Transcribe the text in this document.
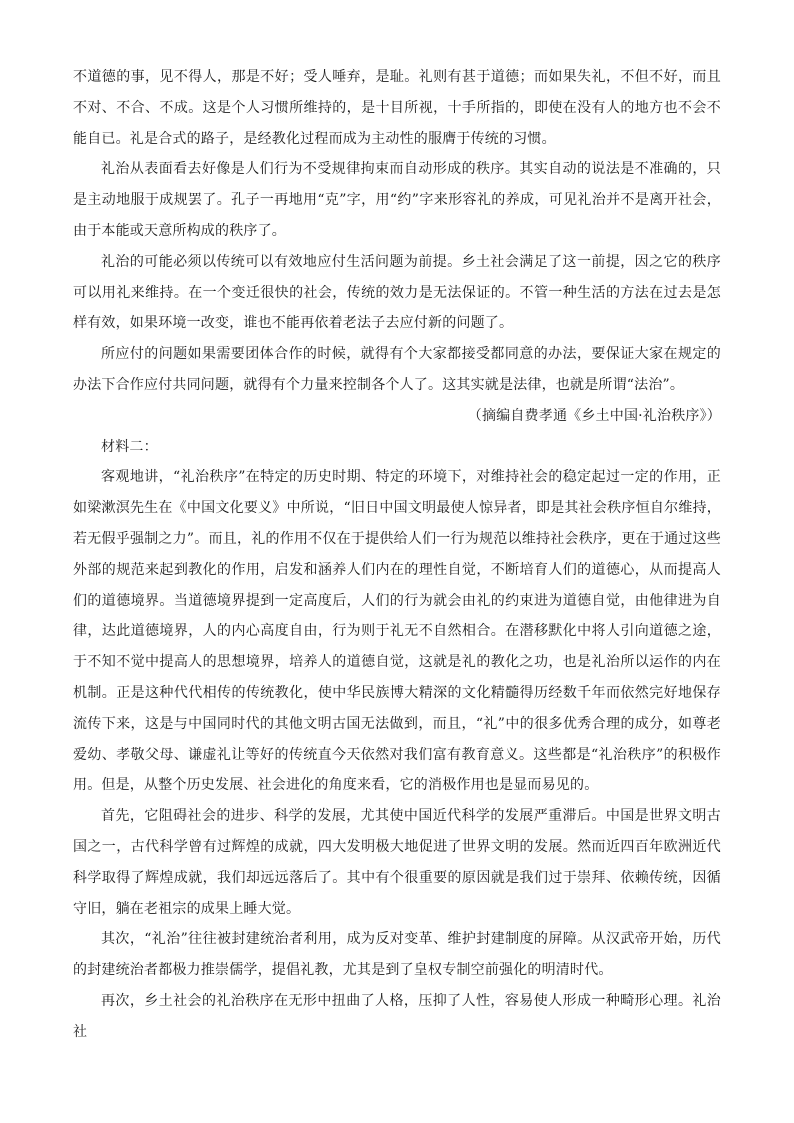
不道德的事，见不得人，那是不好；受人唾弃，是耻。礼则有甚于道德；而如果失礼，不但不好，而且不对、不合、不成。这是个人习惯所维持的，是十目所视，十手所指的，即使在没有人的地方也不会不能自已。礼是合式的路子，是经教化过程而成为主动性的服膺于传统的习惯。

礼治从表面看去好像是人们行为不受规律拘束而自动形成的秩序。其实自动的说法是不准确的，只是主动地服于成规罢了。孔子一再地用“克”字，用“约”字来形容礼的养成，可见礼治并不是离开社会，由于本能或天意所构成的秩序了。

礼治的可能必须以传统可以有效地应付生活问题为前提。乡土社会满足了这一前提，因之它的秩序可以用礼来维持。在一个变迁很快的社会，传统的效力是无法保证的。不管一种生活的方法在过去是怎样有效，如果环境一改变，谁也不能再依着老法子去应付新的问题了。

所应付的问题如果需要团体合作的时候，就得有个大家都接受都同意的办法，要保证大家在规定的办法下合作应付共同问题，就得有个力量来控制各个人了。这其实就是法律，也就是所谓“法治”。

（摘编自费孝通《乡土中国·礼治秩序》）

材料二：

客观地讲，“礼治秩序”在特定的历史时期、特定的环境下，对维持社会的稳定起过一定的作用，正如梁漱溟先生在《中国文化要义》中所说，“旧日中国文明最使人惊异者，即是其社会秩序恒自尔维持，若无假乎强制之力”。而且，礼的作用不仅在于提供给人们一行为规范以维持社会秩序，更在于通过这些外部的规范来起到教化的作用，启发和涵养人们内在的理性自觉，不断培育人们的道德心，从而提高人们的道德境界。当道德境界提到一定高度后，人们的行为就会由礼的约束进为道德自觉，由他律进为自律，达此道德境界，人的内心高度自由，行为则于礼无不自然相合。在潜移默化中将人引向道德之途，于不知不觉中提高人的思想境界，培养人的道德自觉，这就是礼的教化之功，也是礼治所以运作的内在机制。正是这种代代相传的传统教化，使中华民族博大精深的文化精髓得历经数千年而依然完好地保存流传下来，这是与中国同时代的其他文明古国无法做到，而且，“礼”中的很多优秀合理的成分，如尊老爱幼、孝敬父母、谦虚礼让等好的传统直今天依然对我们富有教育意义。这些都是“礼治秩序”的积极作用。但是，从整个历史发展、社会进化的角度来看，它的消极作用也是显而易见的。

首先，它阻碍社会的进步、科学的发展，尤其使中国近代科学的发展严重滞后。中国是世界文明古国之一，古代科学曾有过辉煌的成就，四大发明极大地促进了世界文明的发展。然而近四百年欧洲近代科学取得了辉煌成就，我们却远远落后了。其中有个很重要的原因就是我们过于崇拜、依赖传统，因循守旧，躺在老祖宗的成果上睡大觉。

其次，“礼治”往往被封建统治者利用，成为反对变革、维护封建制度的屏障。从汉武帝开始，历代的封建统治者都极力推崇儒学，提倡礼教，尤其是到了皇权专制空前强化的明清时代。

再次，乡土社会的礼治秩序在无形中扭曲了人格，压抑了人性，容易使人形成一种畸形心理。礼治社
